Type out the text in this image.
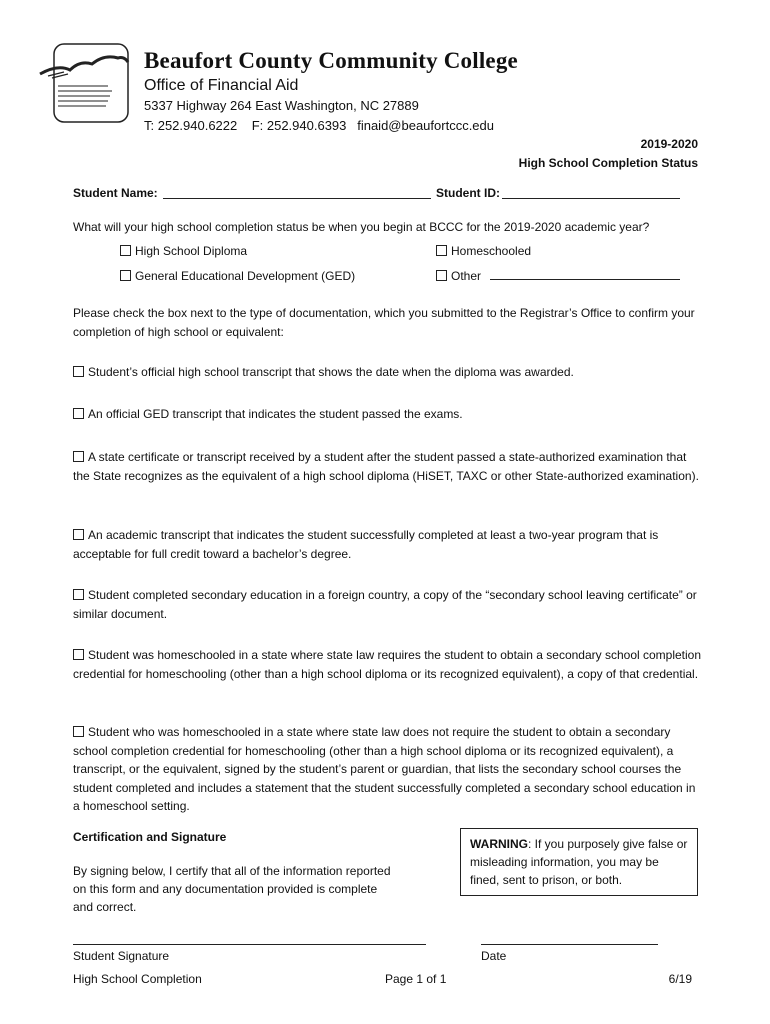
Beaufort County Community College
Office of Financial Aid
5337 Highway 264 East Washington, NC 27889
T: 252.940.6222    F: 252.940.6393   finaid@beaufortccc.edu
2019-2020
High School Completion Status
Student Name:	Student ID:
What will your high school completion status be when you begin at BCCC for the 2019-2020 academic year?
High School Diploma	Homeschooled
General Educational Development (GED)	Other
Please check the box next to the type of documentation, which you submitted to the Registrar’s Office to confirm your completion of high school or equivalent:
Student’s official high school transcript that shows the date when the diploma was awarded.
An official GED transcript that indicates the student passed the exams.
A state certificate or transcript received by a student after the student passed a state-authorized examination that the State recognizes as the equivalent of a high school diploma (HiSET, TAXC or other State-authorized examination).
An academic transcript that indicates the student successfully completed at least a two-year program that is acceptable for full credit toward a bachelor’s degree.
Student completed secondary education in a foreign country, a copy of the “secondary school leaving certificate” or similar document.
Student was homeschooled in a state where state law requires the student to obtain a secondary school completion credential for homeschooling (other than a high school diploma or its recognized equivalent), a copy of that credential.
Student who was homeschooled in a state where state law does not require the student to obtain a secondary school completion credential for homeschooling (other than a high school diploma or its recognized equivalent), a transcript, or the equivalent, signed by the student’s parent or guardian, that lists the secondary school courses the student completed and includes a statement that the student successfully completed a secondary school education in a homeschool setting.
Certification and Signature
By signing below, I certify that all of the information reported on this form and any documentation provided is complete and correct.
WARNING: If you purposely give false or misleading information, you may be fined, sent to prison, or both.
Student Signature	Date
High School Completion	Page 1 of 1	6/19
